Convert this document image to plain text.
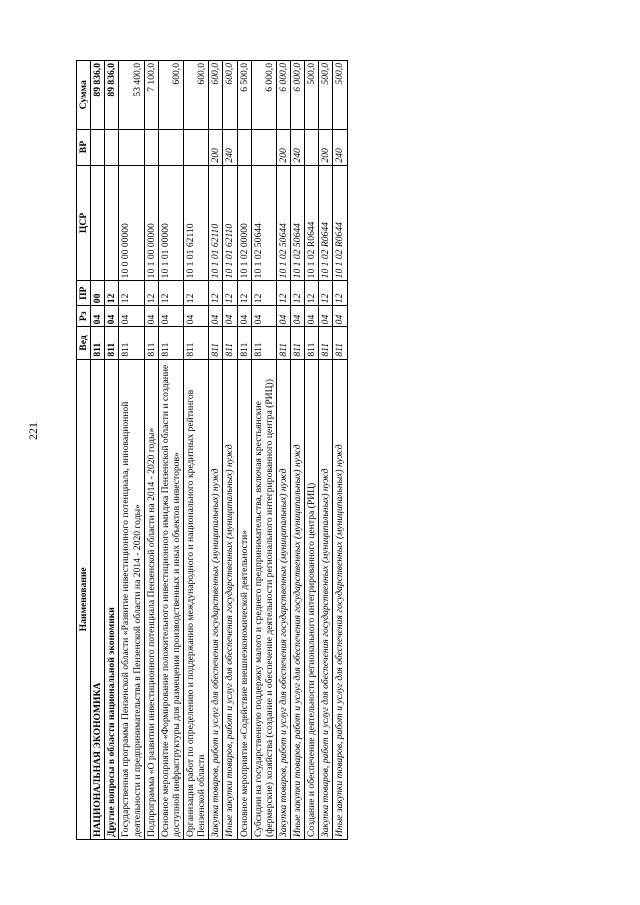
221
Наименование	Вед	Рз	ПР	ЦСР	ВР	Сумма
НАЦИОНАЛЬНАЯ ЭКОНОМИКА	811	04	00			89 836,0
Другие вопросы в области национальной экономики	811	04	12			89 836,0
Государственная программа Пензенской области «Развитие инвестиционного потенциала, инновационной деятельности и предпринимательства в Пензенской области на 2014 - 2020 годы»	811	04	12	10 0 00 00000		53 400,0
Подпрограмма «О развитии инвестиционного потенциала Пензенской области на 2014 - 2020 годы»	811	04	12	10 1 00 00000		7 100,0
Основное мероприятие «Формирование положительного инвестиционного имиджа Пензенской области и создание доступной инфраструктуры для размещения производственных и иных объектов инвесторов»	811	04	12	10 1 01 00000		600,0
Организация работ по определению и поддержанию международного и национального кредитных рейтингов Пензенской области	811	04	12	10 1 01 62110		600,0
Закупка товаров, работ и услуг для обеспечения государственных (муниципальных) нужд	811	04	12	10 1 01 62110	200	600,0
Иные закупки товаров, работ и услуг для обеспечения государственных (муниципальных) нужд	811	04	12	10 1 01 62110	240	600,0
Основное мероприятие «Содействие внешнеэкономической деятельности»	811	04	12	10 1 02 00000		6 500,0
Субсидии на государственную поддержку малого и среднего предпринимательства, включая крестьянские (фермерские) хозяйства (создание и обеспечение деятельности регионального интегрированного центра (РИЦ))	811	04	12	10 1 02 50644		6 000,0
Закупка товаров, работ и услуг для обеспечения государственных (муниципальных) нужд	811	04	12	10 1 02 50644	200	6 000,0
Иные закупки товаров, работ и услуг для обеспечения государственных (муниципальных) нужд	811	04	12	10 1 02 50644	240	6 000,0
Создание и обеспечение деятельности регионального интегрированного центра (РИЦ)	811	04	12	10 1 02 R0644		500,0
Закупка товаров, работ и услуг для обеспечения государственных (муниципальных) нужд	811	04	12	10 1 02 R0644	200	500,0
Иные закупки товаров, работ и услуг для обеспечения государственных (муниципальных) нужд	811	04	12	10 1 02 R0644	240	500,0
